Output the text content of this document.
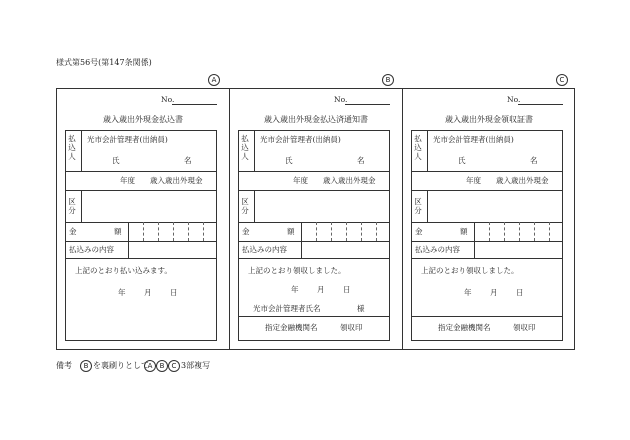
様式第56号(第147条関係)
A	B	C
No.
歳入歳出外現金払込書
払込人
光市会計管理者(出納員)
氏	名
年度 歳入歳出外現金
区分
金	額
払込みの内容
上記のとおり払い込みます。
年 月 日
No.
歳入歳出外現金払込済通知書
払込人
光市会計管理者(出納員)
氏	名
年度 歳入歳出外現金
区分
金	額
払込みの内容
上記のとおり領収しました。
年 月 日
光市会計管理者氏名	様
指定金融機関名	領収印
No.
歳入歳出外現金領収証書
払込人
光市会計管理者(出納員)
氏	名
年度 歳入歳出外現金
区分
金	額
払込みの内容
上記のとおり領収しました。
年 月 日
指定金融機関名	領収印
備考	B を裏刷りとして
A	B	C 3部複写
